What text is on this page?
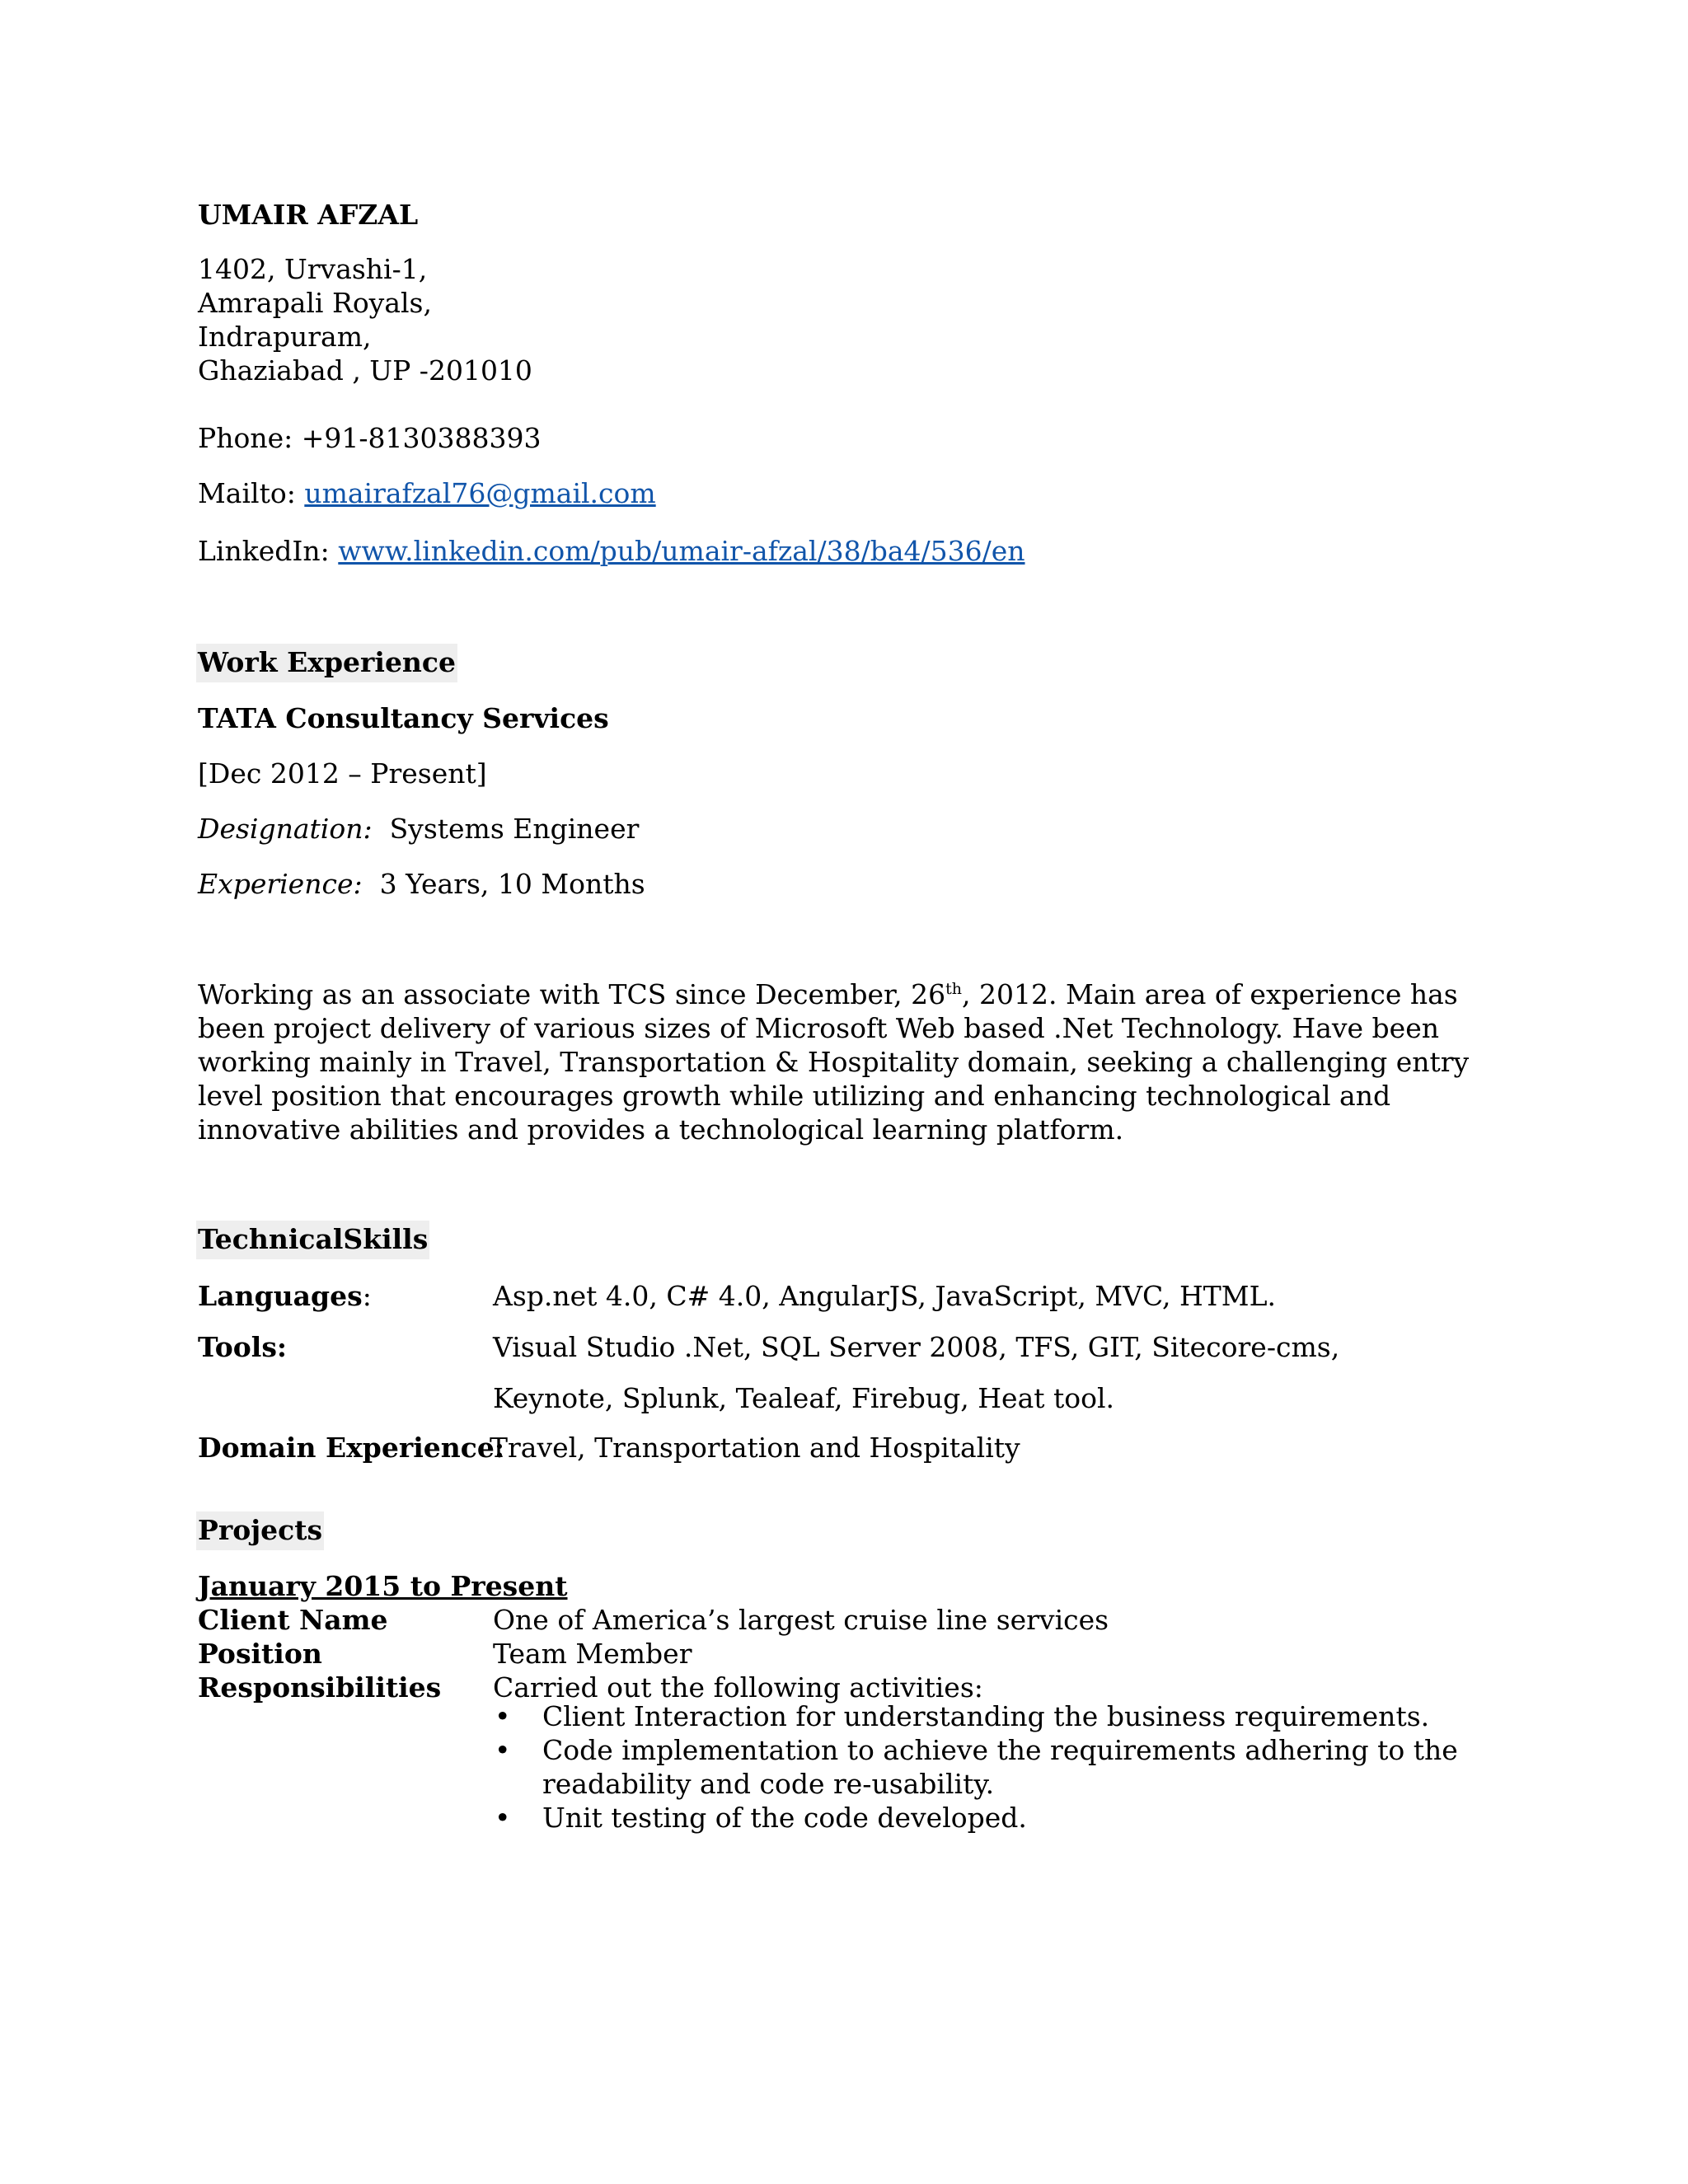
UMAIR AFZAL
1402, Urvashi-1,
Amrapali Royals,
Indrapuram,
Ghaziabad , UP -201010
Phone: +91-8130388393
Mailto: umairafzal76@gmail.com
LinkedIn: www.linkedin.com/pub/umair-afzal/38/ba4/536/en
Work Experience
TATA Consultancy Services
[Dec 2012 – Present]
Designation: Systems Engineer
Experience: 3 Years, 10 Months
Working as an associate with TCS since December, 26th, 2012. Main area of experience has been project delivery of various sizes of Microsoft Web based .Net Technology. Have been working mainly in Travel, Transportation & Hospitality domain, seeking a challenging entry level position that encourages growth while utilizing and enhancing technological and innovative abilities and provides a technological learning platform.
TechnicalSkills
Languages:	Asp.net 4.0, C# 4.0, AngularJS, JavaScript, MVC, HTML.
Tools:	Visual Studio .Net, SQL Server 2008, TFS, GIT, Sitecore-cms,
Keynote, Splunk, Tealeaf, Firebug, Heat tool.
Domain Experience:
Travel, Transportation and Hospitality
Projects
January 2015 to Present
Client Name	One of America’s largest cruise line services
Position	Team Member
Responsibilities Carried out the following activities:
• Client Interaction for understanding the business requirements.
• Code implementation to achieve the requirements adhering to the readability and code re-usability.
• Unit testing of the code developed.
